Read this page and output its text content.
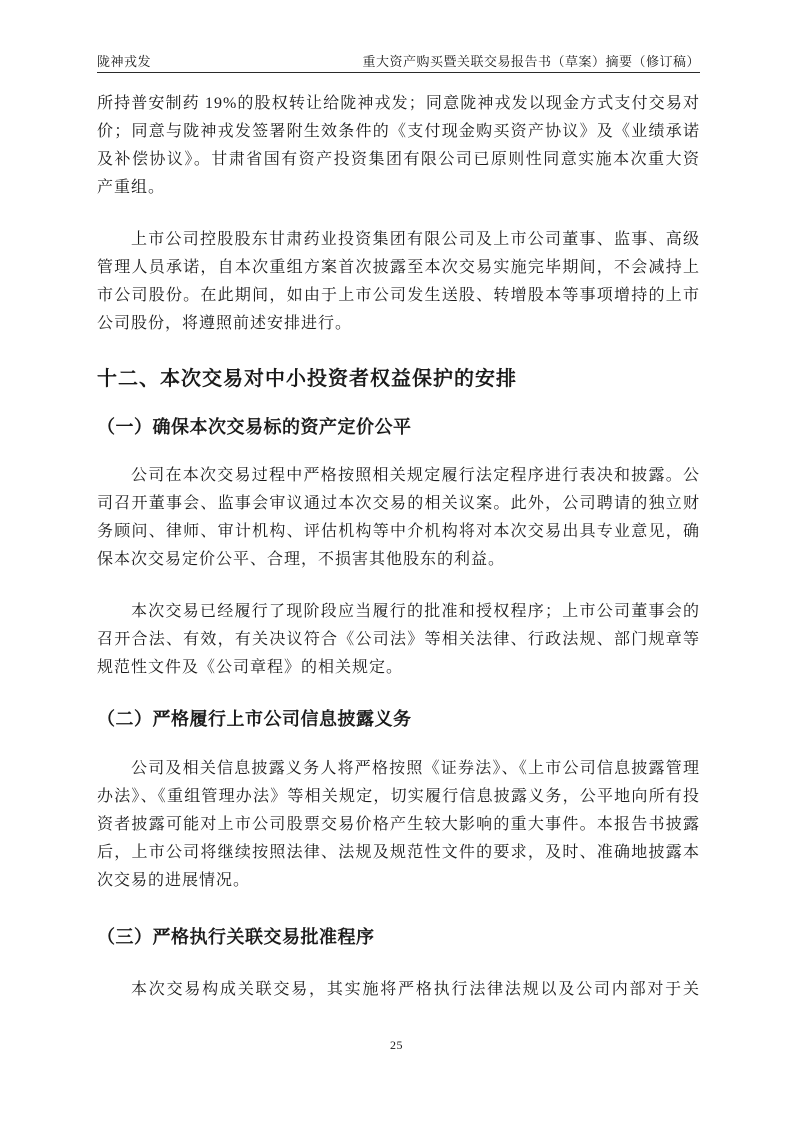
陇神戎发	重大资产购买暨关联交易报告书（草案）摘要（修订稿）

所持普安制药 19%的股权转让给陇神戎发；同意陇神戎发以现金方式支付交易对价；同意与陇神戎发签署附生效条件的《支付现金购买资产协议》及《业绩承诺及补偿协议》。甘肃省国有资产投资集团有限公司已原则性同意实施本次重大资产重组。

上市公司控股股东甘肃药业投资集团有限公司及上市公司董事、监事、高级管理人员承诺，自本次重组方案首次披露至本次交易实施完毕期间，不会减持上市公司股份。在此期间，如由于上市公司发生送股、转增股本等事项增持的上市公司股份，将遵照前述安排进行。

十二、本次交易对中小投资者权益保护的安排
（一）确保本次交易标的资产定价公平

公司在本次交易过程中严格按照相关规定履行法定程序进行表决和披露。公司召开董事会、监事会审议通过本次交易的相关议案。此外，公司聘请的独立财务顾问、律师、审计机构、评估机构等中介机构将对本次交易出具专业意见，确保本次交易定价公平、合理，不损害其他股东的利益。

本次交易已经履行了现阶段应当履行的批准和授权程序；上市公司董事会的召开合法、有效，有关决议符合《公司法》等相关法律、行政法规、部门规章等规范性文件及《公司章程》的相关规定。

（二）严格履行上市公司信息披露义务

公司及相关信息披露义务人将严格按照《证券法》、《上市公司信息披露管理办法》、《重组管理办法》等相关规定，切实履行信息披露义务，公平地向所有投资者披露可能对上市公司股票交易价格产生较大影响的重大事件。本报告书披露后，上市公司将继续按照法律、法规及规范性文件的要求，及时、准确地披露本次交易的进展情况。

（三）严格执行关联交易批准程序

本次交易构成关联交易，其实施将严格执行法律法规以及公司内部对于关

25
